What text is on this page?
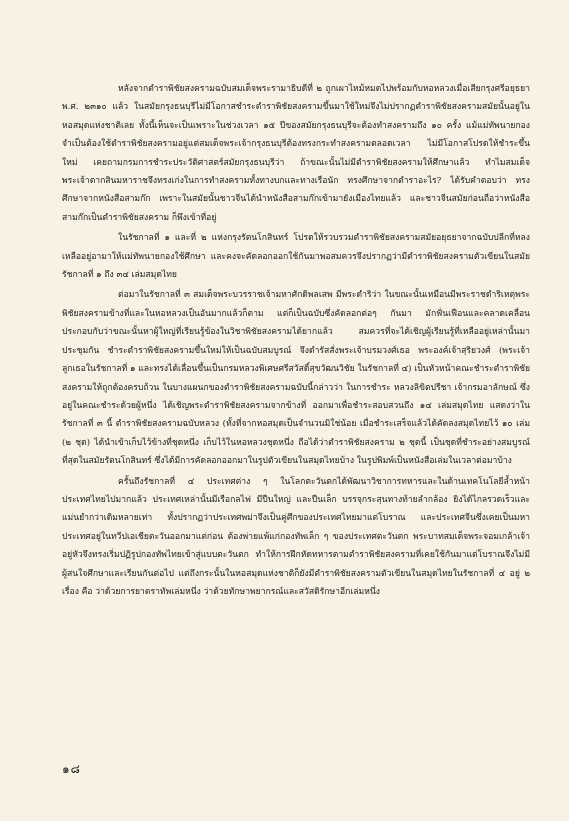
หลังจากตำราพิชัยสงครามฉบับสมเด็จพระรามาธิบดีที่ ๒ ถูกเผาไหม้หมดไปพร้อมกับหอหลวงเมื่อเสียกรุงศรีอยุธยา พ.ศ. ๒๓๑๐ แล้ว ในสมัยกรุงธนบุรีไม่มีโอกาสชำระตำราพิชัยสงครามขึ้นมาใช้ใหม่จึงไม่ปรากฏตำราพิชัยสงครามสมัยนั้นอยู่ในหอสมุดแห่งชาติเลย ทั้งนี้เห็นจะเป็นเพราะในช่วงเวลา ๑๕ ปีของสมัยกรุงธนบุรีจะต้องทำสงครามถึง ๑๐ ครั้ง แม้แม่ทัพนายกองจำเป็นต้องใช้ตำราพิชัยสงครามอยู่แต่สมเด็จพระเจ้ากรุงธนบุรีต้องทรงกระทำสงครามตลอดเวลา ไม่มีโอกาสโปรดให้ชำระขึ้นใหม่ เคยถามกรมการชำระประวัติศาสตร์สมัยกรุงธนบุรีว่า ถ้าขณะนั้นไม่มีตำราพิชัยสงครามให้ศึกษาแล้ว ทำไมสมเด็จพระเจ้าตากสินมหาราชจึงทรงเก่งในการทำสงครามทั้งทางบกและทางเรือนัก ทรงศึกษาจากตำราอะไร? ได้รับคำตอบว่า ทรงศึกษาจากหนังสือสามก๊ก เพราะในสมัยนั้นชาวจีนได้นำหนังสือสามก๊กเข้ามายังเมืองไทยแล้ว และชาวจีนสมัยก่อนถือว่าหนังสือสามก๊กเป็นตำราพิชัยสงคราม ก็พึงเข้าที่อยู่

ในรัชกาลที่ ๑ และที่ ๒ แห่งกรุงรัตนโกสินทร์ โปรดให้รวบรวมตำราพิชัยสงครามสมัยอยุธยาจากฉบับปลีกที่หลงเหลืออยู่อามาให้แม่ทัพนายกองใช้ศึกษา และคงจะคัดลอกออกใช้กันมาพอสมควรจึงปรากฏว่ามีตำราพิชัยสงครามตัวเขียนในสมัยรัชกาลที่ ๑ ถึง ๓๔ เล่มสมุดไทย

ต่อมาในรัชกาลที่ ๓ สมเด็จพระบวรราชเจ้ามหาศักดิพลเสพ มีพระดำริว่า ในขณะนั้นเหมือนมีพระราชดำริเหตุพระพิชัยสงครามข้างที่และในหอหลวงเป็นอันมากแล้วก็ตาม แต่ก็เป็นฉบับซึ่งคัดลอกต่อๆ กันมา มักฟั่นเฟือนและคลาดเคลื่อน ประกอบกับว่าขณะนั้นหาผู้ใหญ่ที่เรียนรู้ข้องในวิชาพิชัยสงครามได้ยากแล้ว สมควรที่จะได้เชิญผู้เรียนรู้ที่เหลืออยู่เหล่านั้นมาประชุมกัน ชำระตำราพิชัยสงครามขึ้นใหม่ให้เป็นฉบับสมบูรณ์ จึงดำรัสสั่งพระเจ้าบรมวงศ์เธอ พระองค์เจ้าสุริยวงศ์ (พระเจ้าลูกเธอในรัชกาลที่ ๑ และทรงได้เลื่อนขึ้นเป็นกรมหลวงพิเศษศรีสวัสดิ์สุขวัฒนวิชัย ในรัชกาลที่ ๔) เป็นหัวหน้าคณะชำระตำราพิชัยสงครามให้ถูกต้องครบถ้วน ในบางแผนกของตำราพิชัยสงครามฉบับนี้กล่าวว่า ในการชำระ หลวงลิขิตปรีชา เจ้ากรมอาลักษณ์ ซึ่งอยู่ในคณะชำระด้วยผู้หนึ่ง ได้เชิญพระตำราพิชัยสงครามจากข้างที่ ออกมาเพื่อชำระสอบสวนถึง ๑๔ เล่มสมุดไทย แสดงว่าในรัชกาลที่ ๓ นี้ ตำราพิชัยสงครามฉบับหลวง (ทั้งที่จากหอสมุดเป็นจำนวนมิใช่น้อย เมื่อชำระเสร็จแล้วได้คัดลงสมุดไทยไว้ ๑๐ เล่ม (๒ ชุด) ได้นำเข้าเก็บไว้ข้างที่ชุดหนึ่ง เก็บไว้ในหอหลวงชุดหนึ่ง ถือได้ว่าตำราพิชัยสงคราม ๒ ชุดนี้ เป็นชุดที่ชำระอย่างสมบูรณ์ที่สุดในสมัยรัตนโกสินทร์ ซึ่งได้มีการคัดลอกออกมาในรูปตัวเขียนในสมุดไทยบ้าง ในรูปพิมพ์เป็นหนังสือเล่มในเวลาต่อมาบ้าง

ครั้นถึงรัชกาลที่ ๔ ประเทศต่าง ๆ ในโลกตะวันตกได้พัฒนาวิชาการทหารและในด้านเทคโนโลยีล้ำหน้าประเทศไทยไปมากแล้ว ประเทศเหล่านั้นมีเรือกลไฟ มีปืนใหญ่ และปืนเล็ก บรรจุกระสุนทางท้ายลำกล้อง ยิงได้ไกลรวดเร็วและแม่นยำกว่าเดิมหลายเท่า ทั้งปรากฏว่าประเทศพม่าจึงเป็นคู่ศึกของประเทศไทยมาแต่โบราณ และประเทศจีนซึ่งเคยเป็นมหาประเทศอยู่ในทวีปเอเชียตะวันออกมาแต่ก่อน ต้องพ่ายแพ้แก่กองทัพเล็ก ๆ ของประเทศตะวันตก พระบาทสมเด็จพระจอมเกล้าเจ้าอยู่หัวจึงทรงเริ่มปฏิรูปกองทัพไทยเข้าสู่แบบตะวันตก ทำให้การฝึกหัดทหารตามตำราพิชัยสงครามที่เคยใช้กันมาแต่โบราณจึงไม่มีผู้สนใจศึกษาและเรียนกันต่อไป แต่ถึงกระนั้นในหอสมุดแห่งชาติก็ยังมีตำราพิชัยสงครามตัวเขียนในสมุดไทยในรัชกาลที่ ๔ อยู่ ๒ เรื่อง คือ ว่าด้วยการยาตราทัพเล่มหนึ่ง ว่าด้วยทักษาพยากรณ์และสวัสดิรักษาอีกเล่มหนึ่ง

๑๘
